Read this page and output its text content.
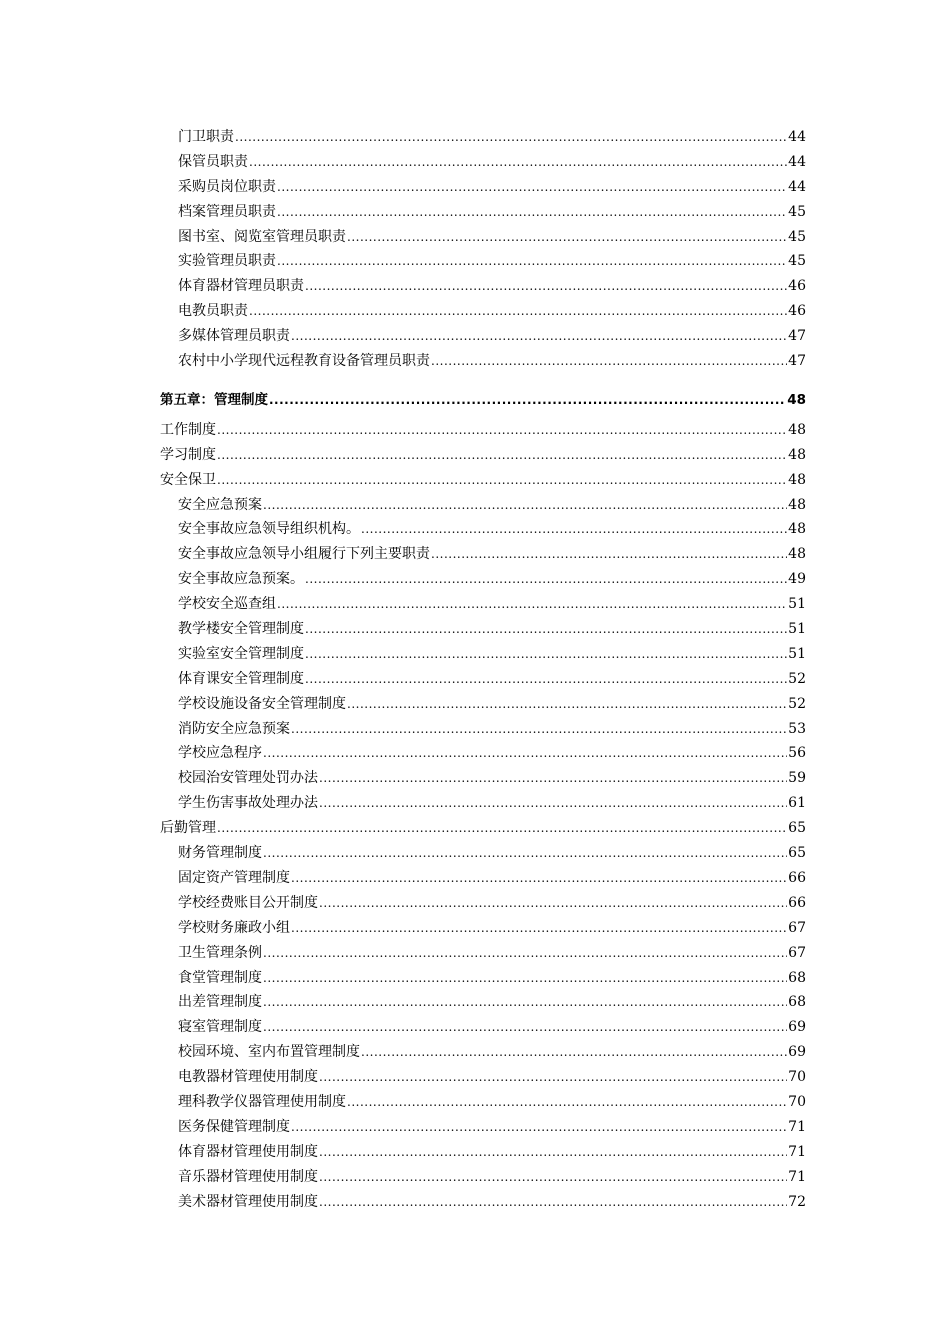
门卫职责 .....	44
保管员职责 .....	44
采购员岗位职责 .....	44
档案管理员职责 .....	45
图书室、阅览室管理员职责 .....	45
实验管理员职责 .....	45
体育器材管理员职责 .....	46
电教员职责 .....	46
多媒体管理员职责 .....	47
农村中小学现代远程教育设备管理员职责 .....	47
第五章：管理制度 .....	48
工作制度 .....	48
学习制度 .....	48
安全保卫 .....	48
安全应急预案 .....	48
安全事故应急领导组织机构。 .....	48
安全事故应急领导小组履行下列主要职责 .....	48
安全事故应急预案。 .....	49
学校安全巡查组 .....	51
教学楼安全管理制度 .....	51
实验室安全管理制度 .....	51
体育课安全管理制度 .....	52
学校设施设备安全管理制度 .....	52
消防安全应急预案 .....	53
学校应急程序 .....	56
校园治安管理处罚办法 .....	59
学生伤害事故处理办法 .....	61
后勤管理 .....	65
财务管理制度 .....	65
固定资产管理制度 .....	66
学校经费账目公开制度 .....	66
学校财务廉政小组 .....	67
卫生管理条例 .....	67
食堂管理制度 .....	68
出差管理制度 .....	68
寝室管理制度 .....	69
校园环境、室内布置管理制度 .....	69
电教器材管理使用制度 .....	70
理科教学仪器管理使用制度 .....	70
医务保健管理制度 .....	71
体育器材管理使用制度 .....	71
音乐器材管理使用制度 .....	71
美术器材管理使用制度 .....	72
